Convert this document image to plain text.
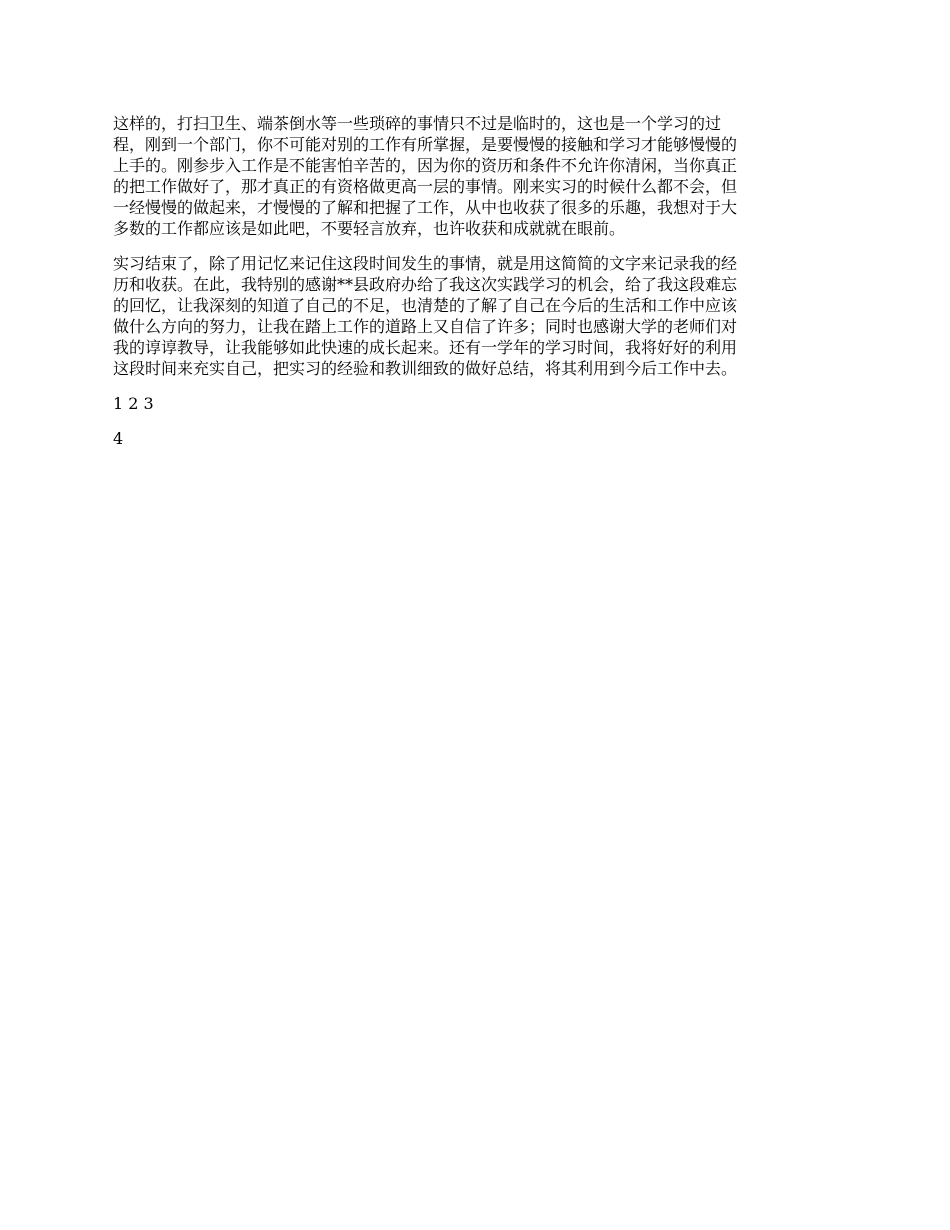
这样的，打扫卫生、端茶倒水等一些琐碎的事情只不过是临时的，这也是一个学习的过
程，刚到一个部门，你不可能对别的工作有所掌握，是要慢慢的接触和学习才能够慢慢的
上手的。刚参步入工作是不能害怕辛苦的，因为你的资历和条件不允许你清闲，当你真正
的把工作做好了，那才真正的有资格做更高一层的事情。刚来实习的时候什么都不会，但
一经慢慢的做起来，才慢慢的了解和把握了工作，从中也收获了很多的乐趣，我想对于大
多数的工作都应该是如此吧，不要轻言放弃，也许收获和成就就在眼前。

实习结束了，除了用记忆来记住这段时间发生的事情，就是用这简简的文字来记录我的经
历和收获。在此，我特别的感谢**县政府办给了我这次实践学习的机会，给了我这段难忘
的回忆，让我深刻的知道了自己的不足，也清楚的了解了自己在今后的生活和工作中应该
做什么方向的努力，让我在踏上工作的道路上又自信了许多；同时也感谢大学的老师们对
我的谆谆教导，让我能够如此快速的成长起来。还有一学年的学习时间，我将好好的利用
这段时间来充实自己，把实习的经验和教训细致的做好总结，将其利用到今后工作中去。

1 2 3

4
